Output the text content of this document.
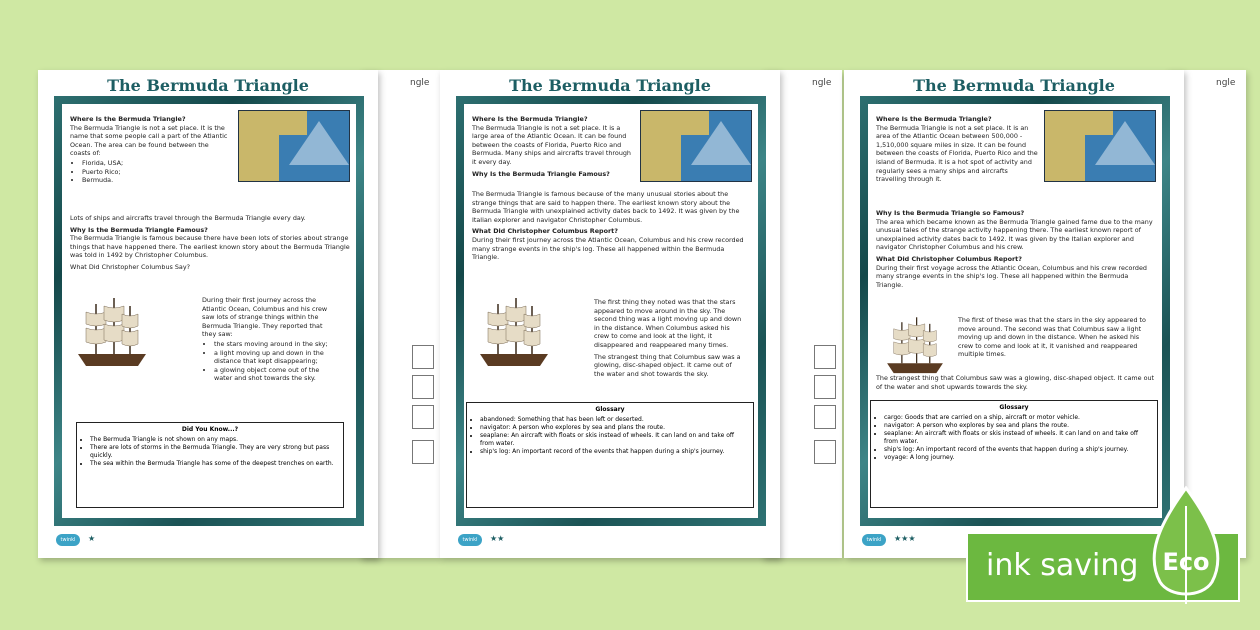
ngle	ngle	ngle
The Bermuda Triangle
Where Is the Bermuda Triangle?
The Bermuda Triangle is not a set place. It is the name that some people call a part of the Atlantic Ocean. The area can be found between the coasts of:
• Florida, USA;
• Puerto Rico;
• Bermuda.
Lots of ships and aircrafts travel through the Bermuda Triangle every day.
Why Is the Bermuda Triangle Famous?
The Bermuda Triangle is famous because there have been lots of stories about strange things that have happened there. The earliest known story about the Bermuda Triangle was told in 1492 by Christopher Columbus.
What Did Christopher Columbus Say?
During their first journey across the Atlantic Ocean, Columbus and his crew saw lots of strange things within the Bermuda Triangle. They reported that they saw:
• the stars moving around in the sky;
• a light moving up and down in the distance that kept disappearing;
• a glowing object come out of the water and shot towards the sky.
Did You Know...?
• The Bermuda Triangle is not shown on any maps.
• There are lots of storms in the Bermuda Triangle. They are very strong but pass quickly.
• The sea within the Bermuda Triangle has some of the deepest trenches on earth.
twinkl	★
The Bermuda Triangle
Where Is the Bermuda Triangle?
The Bermuda Triangle is not a set place. It is a large area of the Atlantic Ocean. It can be found between the coasts of Florida, Puerto Rico and Bermuda. Many ships and aircrafts travel through it every day.
Why Is the Bermuda Triangle Famous?
The Bermuda Triangle is famous because of the many unusual stories about the strange things that are said to happen there. The earliest known story about the Bermuda Triangle with unexplained activity dates back to 1492. It was given by the Italian explorer and navigator Christopher Columbus.
What Did Christopher Columbus Report?
During their first journey across the Atlantic Ocean, Columbus and his crew recorded many strange events in the ship's log. These all happened within the Bermuda Triangle.
The first thing they noted was that the stars appeared to move around in the sky. The second thing was a light moving up and down in the distance. When Columbus asked his crew to come and look at the light, it disappeared and reappeared many times.
The strangest thing that Columbus saw was a glowing, disc-shaped object. It came out of the water and shot towards the sky.
Glossary
• abandoned: Something that has been left or deserted.
• navigator: A person who explores by sea and plans the route.
• seaplane: An aircraft with floats or skis instead of wheels. It can land on and take off from water.
• ship's log: An important record of the events that happen during a ship's journey.
twinkl	★★
The Bermuda Triangle
Where Is the Bermuda Triangle?
The Bermuda Triangle is not a set place. It is an area of the Atlantic Ocean between 500,000 - 1,510,000 square miles in size. It can be found between the coasts of Florida, Puerto Rico and the island of Bermuda. It is a hot spot of activity and regularly sees a many ships and aircrafts travelling through it.
Why Is the Bermuda Triangle so Famous?
The area which became known as the Bermuda Triangle gained fame due to the many unusual tales of the strange activity happening there. The earliest known report of unexplained activity dates back to 1492. It was given by the Italian explorer and navigator Christopher Columbus and his crew.
What Did Christopher Columbus Report?
During their first voyage across the Atlantic Ocean, Columbus and his crew recorded many strange events in the ship's log. These all happened within the Bermuda Triangle.
The first of these was that the stars in the sky appeared to move around. The second was that Columbus saw a light moving up and down in the distance. When he asked his crew to come and look at it, it vanished and reappeared multiple times.
The strangest thing that Columbus saw was a glowing, disc-shaped object. It came out of the water and shot upwards towards the sky.
Glossary
• cargo: Goods that are carried on a ship, aircraft or motor vehicle.
• navigator: A person who explores by sea and plans the route.
• seaplane: An aircraft with floats or skis instead of wheels. It can land on and take off from water.
• ship's log: An important record of the events that happen during a ship's journey.
• voyage: A long journey.
twinkl	★★★
ink saving Eco
